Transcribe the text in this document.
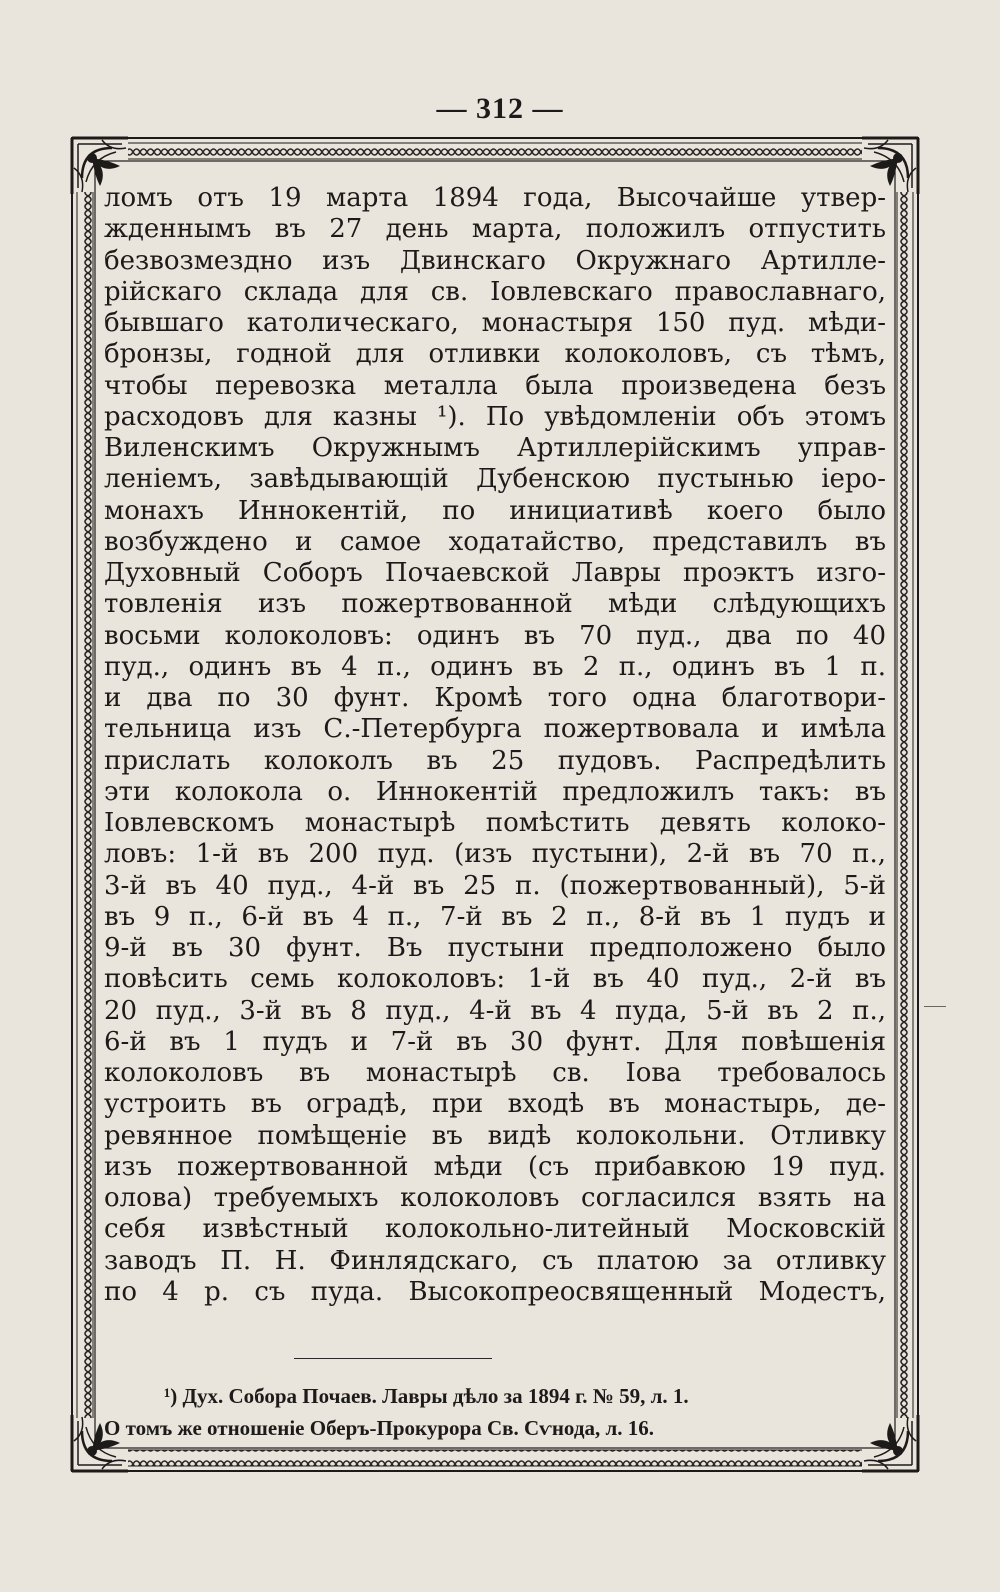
— 312 —
ломъ отъ 19 марта 1894 года, Высочайше утвер-
жденнымъ въ 27 день марта, положилъ отпустить
безвозмездно изъ Двинскаго Окружнаго Артилле-
рійскаго склада для св. Іовлевскаго православнаго,
бывшаго католическаго, монастыря 150 пуд. мѣди-
бронзы, годной для отливки колоколовъ, съ тѣмъ,
чтобы перевозка металла была произведена безъ
расходовъ для казны ¹). По увѣдомленіи объ этомъ
Виленскимъ Окружнымъ Артиллерійскимъ управ-
леніемъ, завѣдывающій Дубенскою пустынью іеро-
монахъ Иннокентій, по инициативѣ коего было
возбуждено и самое ходатайство, представилъ въ
Духовный Соборъ Почаевской Лавры проэктъ изго-
товленія изъ пожертвованной мѣди слѣдующихъ
восьми колоколовъ: одинъ въ 70 пуд., два по 40
пуд., одинъ въ 4 п., одинъ въ 2 п., одинъ въ 1 п.
и два по 30 фунт. Кромѣ того одна благотвори-
тельница изъ С.-Петербурга пожертвовала и имѣла
прислать колоколъ въ 25 пудовъ. Распредѣлить
эти колокола о. Иннокентій предложилъ такъ: въ
Іовлевскомъ монастырѣ помѣстить девять колоко-
ловъ: 1-й въ 200 пуд. (изъ пустыни), 2-й въ 70 п.,
3-й въ 40 пуд., 4-й въ 25 п. (пожертвованный), 5-й
въ 9 п., 6-й въ 4 п., 7-й въ 2 п., 8-й въ 1 пудъ и
9-й въ 30 фунт. Въ пустыни предположено было
повѣсить семь колоколовъ: 1-й въ 40 пуд., 2-й въ
20 пуд., 3-й въ 8 пуд., 4-й въ 4 пуда, 5-й въ 2 п.,
6-й въ 1 пудъ и 7-й въ 30 фунт. Для повѣшенія
колоколовъ въ монастырѣ св. Іова требовалось
устроить въ оградѣ, при входѣ въ монастырь, де-
ревянное помѣщеніе въ видѣ колокольни. Отливку
изъ пожертвованной мѣди (съ прибавкою 19 пуд.
олова) требуемыхъ колоколовъ согласился взять на
себя извѣстный колокольно-литейный Московскій
заводъ П. Н. Финлядскаго, съ платою за отливку
по 4 р. съ пуда. Высокопреосвященный Модестъ,
¹) Дух. Собора Почаев. Лавры дѣло за 1894 г. № 59, л. 1.
О томъ же отношеніе Оберъ-Прокурора Св. Сѵнода, л. 16.
